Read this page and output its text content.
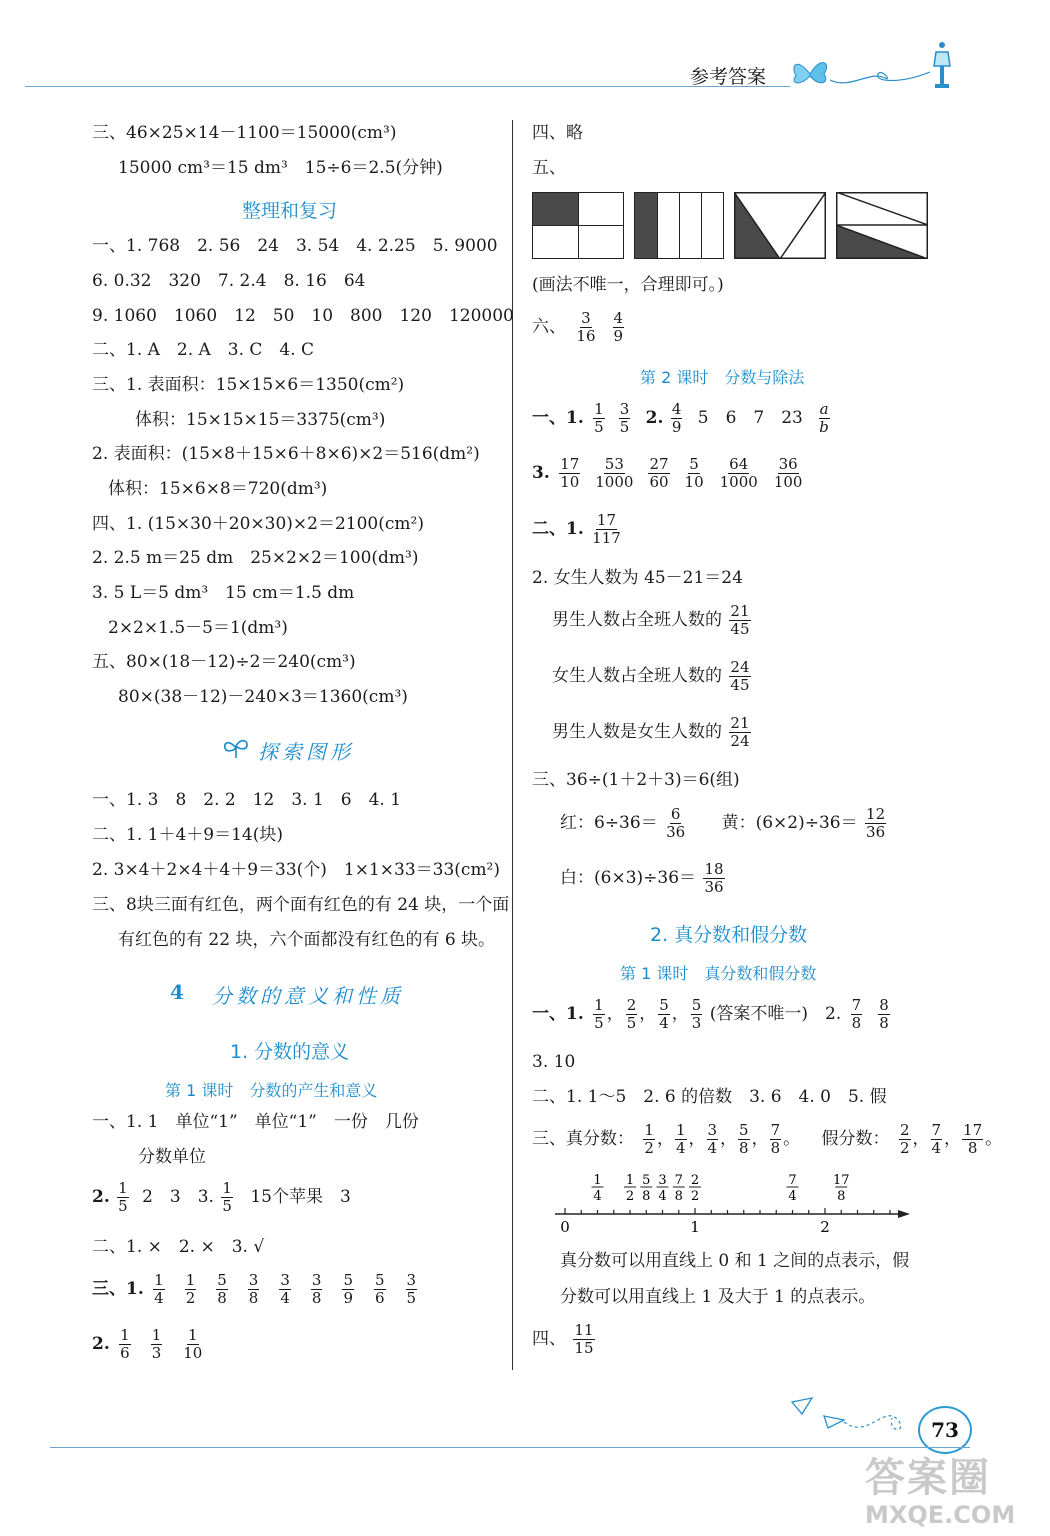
参考答案
三、46×25×14－1100＝15000(cm³)
15000 cm³＝15 dm³　15÷6＝2.5(分钟)
整理和复习
一、1. 768　2. 56　24　3. 54　4. 2.25　5. 9000
6. 0.32　320　7. 2.4　8. 16　64
9. 1060　1060　12　50　10　800　120　120000
二、1. A　2. A　3. C　4. C
三、1. 表面积：15×15×6＝1350(cm²)
体积：15×15×15＝3375(cm³)
2. 表面积：(15×8＋15×6＋8×6)×2＝516(dm²)
体积：15×6×8＝720(dm³)
四、1. (15×30＋20×30)×2＝2100(cm²)
2. 2.5 m＝25 dm　25×2×2＝100(dm³)
3. 5 L＝5 dm³　15 cm＝1.5 dm
2×2×1.5－5＝1(dm³)
五、80×(18－12)÷2＝240(cm³)
80×(38－12)－240×3＝1360(cm³)
探索图形
一、1. 3　8　2. 2　12　3. 1　6　4. 1
二、1. 1＋4＋9＝14(块)
2. 3×4＋2×4＋4＋9＝33(个)　1×1×33＝33(cm²)
三、8块三面有红色，两个面有红色的有 24 块，一个面
有红色的有 22 块，六个面都没有红色的有 6 块。
4 分数的意义和性质
1. 分数的意义
第 1 课时　分数的产生和意义
一、1. 1　单位“1”　单位“1”　一份　几份
分数单位
2. $\frac{1}{5} 2$　3　3. $\frac{1}{5} 15$个苹果　3
二、1. ×　2. ×　3. √
三、1. $\frac{1}{4} \frac{1}{2} \frac{5}{8} \frac{3}{8} \frac{3}{4} \frac{3}{8} \frac{5}{9} \frac{5}{6} \frac{3}{5}$
2. $\frac{1}{6} \frac{1}{3} \frac{1}{10}$
四、略
五、
(画法不唯一，合理即可。)
六、 $\frac{3}{16} \frac{4}{9}$
第 2 课时　分数与除法
一、1. $\frac{1}{5} \frac{3}{5} 2$. $\frac{4}{9} 5$　6　7　$23 \frac{a}{b}$
3. $\frac{17}{10} \frac{53}{1000} \frac{27}{60} \frac{5}{10} \frac{64}{1000} \frac{36}{100}$
二、1. $\frac{17}{117}$
2. 女生人数为 45－21＝24
男生人数占全班人数的 $\frac{21}{45}$
女生人数占全班人数的 $\frac{24}{45}$
男生人数是女生人数的 $\frac{21}{24}$
三、36÷(1＋2＋3)＝6(组)
红：$6\div 36= \frac{6}{36}$ 黄：$(6\times 2)\div 36= \frac{12}{36}$
白：$(6\times 3)\div 36= \frac{18}{36}$
2. 真分数和假分数
第 1 课时　真分数和假分数
一、1. $\frac{1}{5}$ ， $\frac{2}{5}$ ， $\frac{5}{4}$ ， $\frac{5}{3}$ (答案不唯一)　2. $\frac{7}{8} \frac{8}{8}$
3. 10
二、1. 1～5　2. 6 的倍数　3. 6　4. 0　5. 假
三、真分数： $\frac{1}{2}$ ， $\frac{1}{4}$ ， $\frac{3}{4}$ ， $\frac{5}{8}$ ， $\frac{7}{8}$ 。 假分数： $\frac{2}{2}$ ， $\frac{7}{4}$ ， $\frac{17}{8}$ 。
0	1	2
1
4
1
2
5
8
3
4
7
8
2
2
7
4
17
8
真分数可以用直线上 0 和 1 之间的点表示，假
分数可以用直线上 1 及大于 1 的点表示。
四、 $\frac{11}{15}$
73
答案圈
MXQE.COM
